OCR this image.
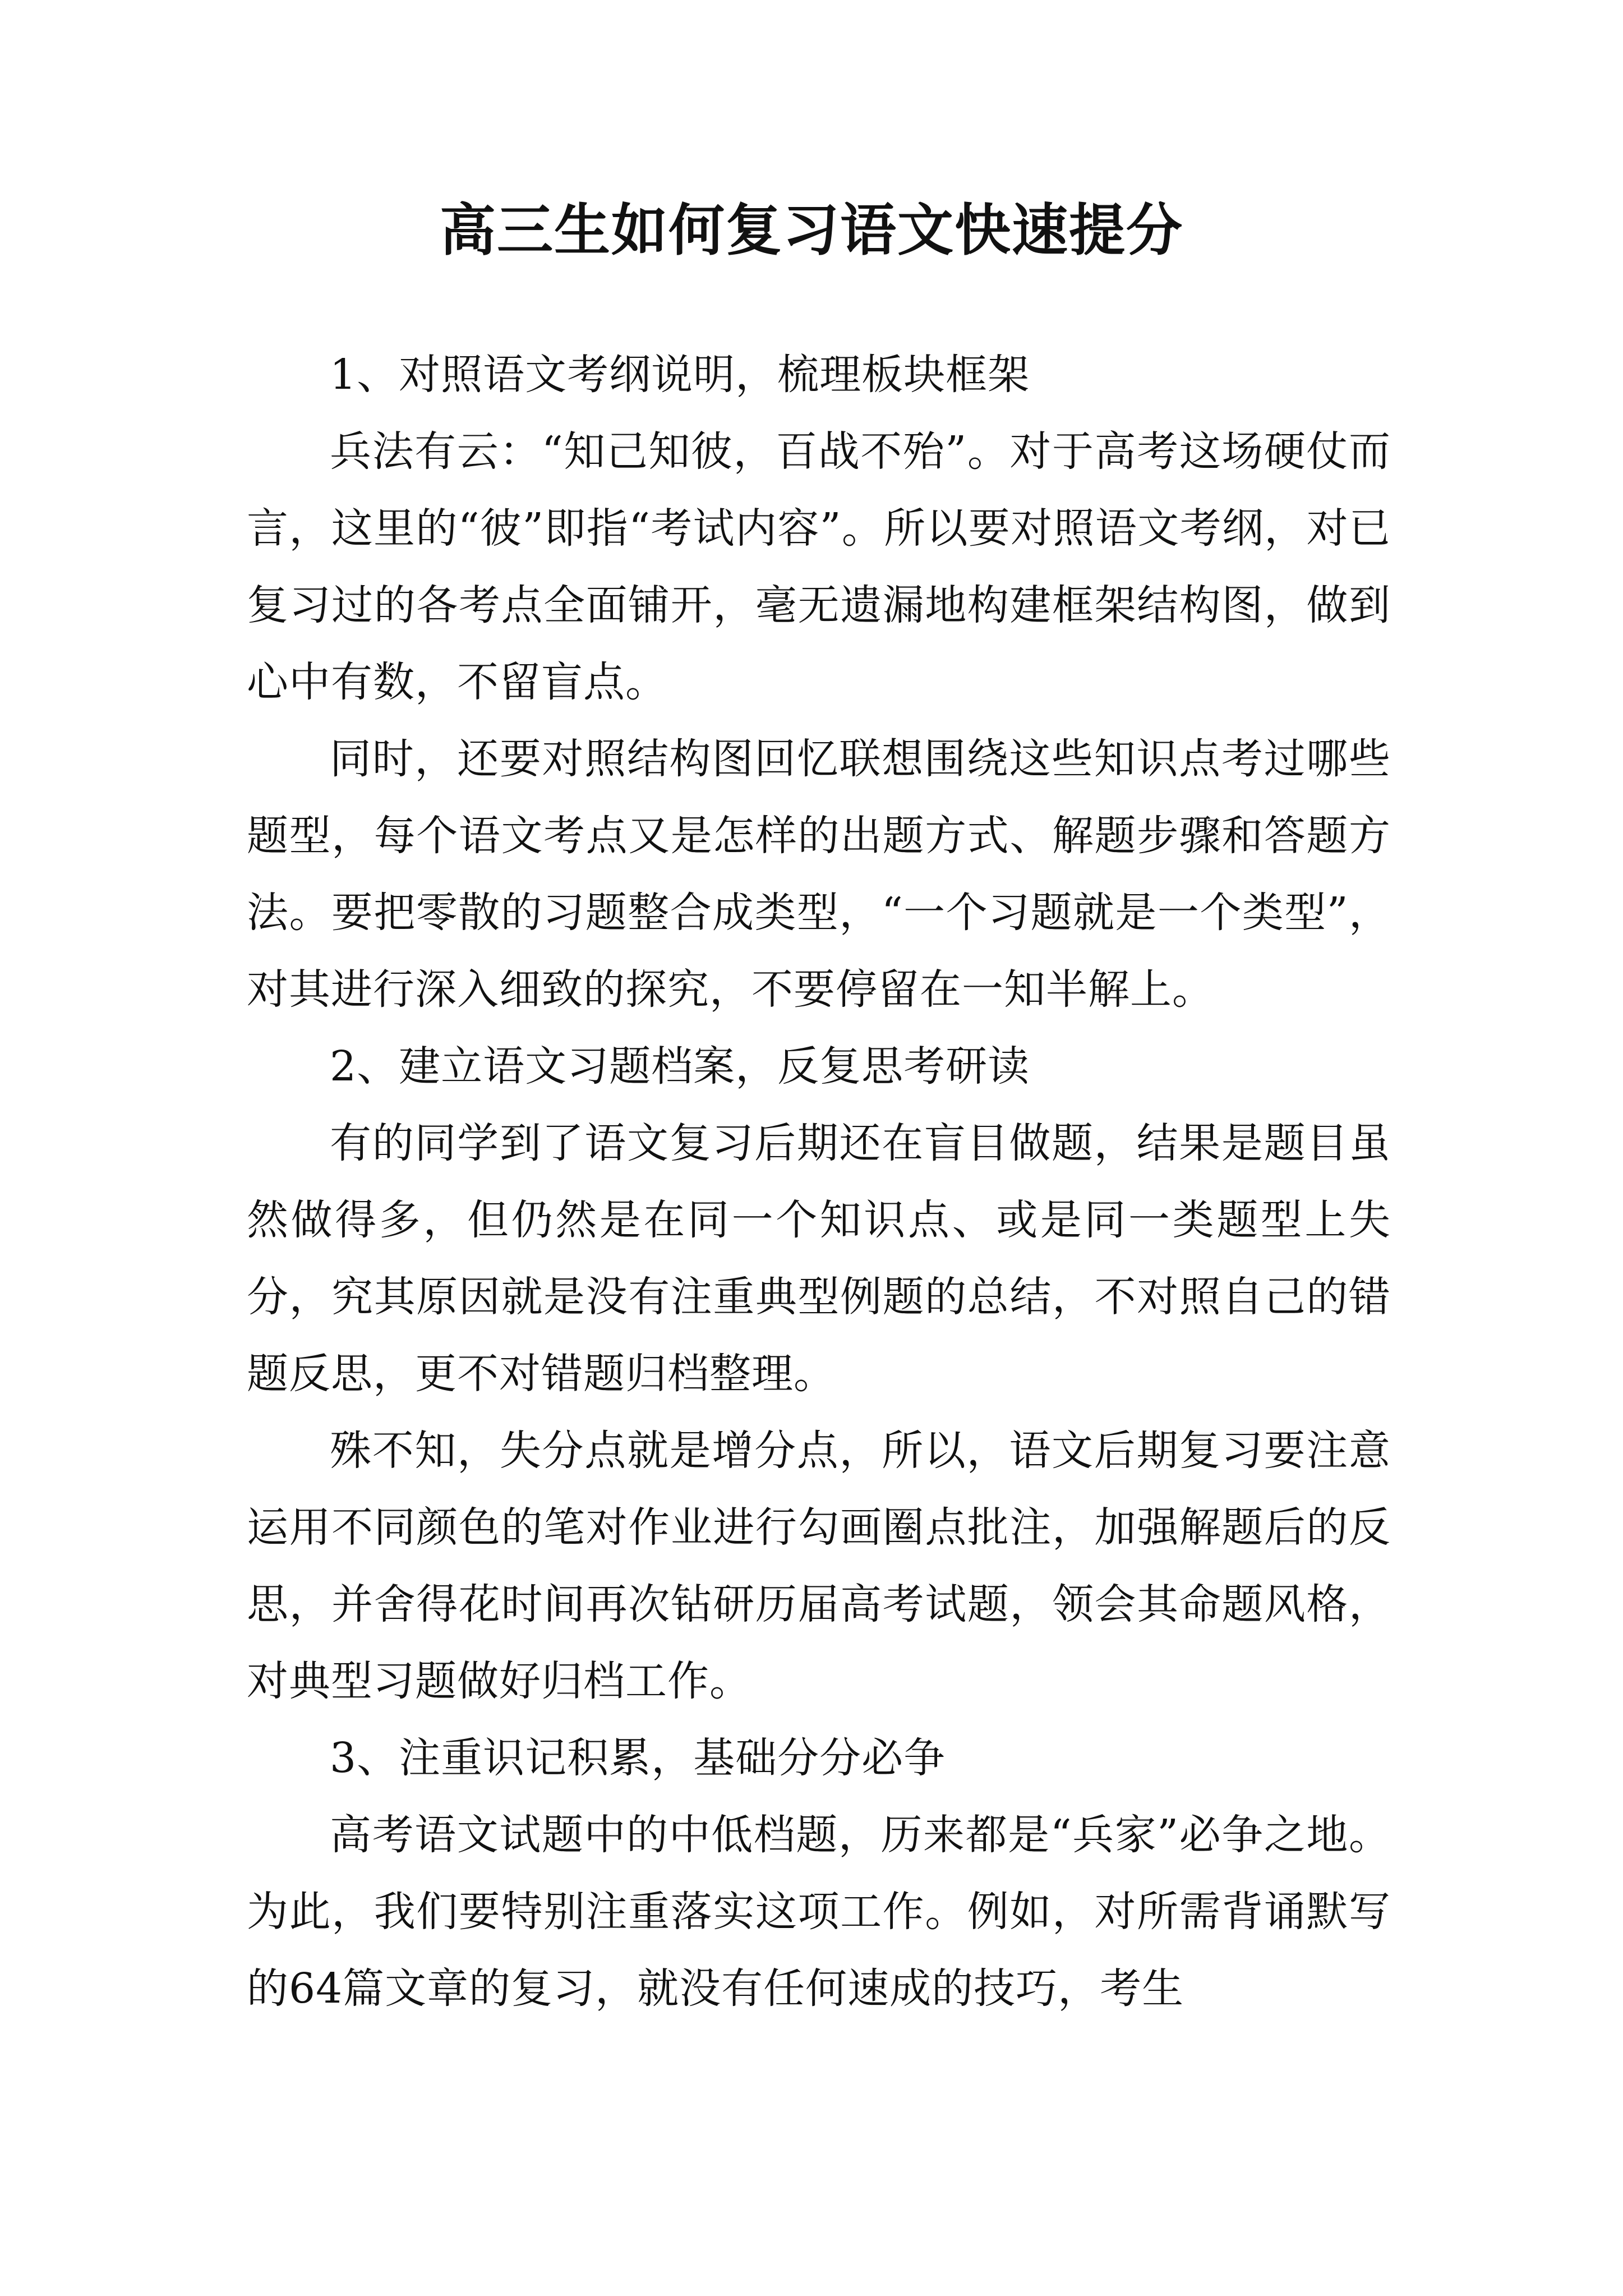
高三生如何复习语文快速提分

1、对照语文考纲说明，梳理板块框架

兵法有云：“知己知彼，百战不殆”。对于高考这场硬仗而言，这里的“彼”即指“考试内容”。所以要对照语文考纲，对已复习过的各考点全面铺开，毫无遗漏地构建框架结构图，做到心中有数，不留盲点。

同时，还要对照结构图回忆联想围绕这些知识点考过哪些题型，每个语文考点又是怎样的出题方式、解题步骤和答题方法。要把零散的习题整合成类型，“一个习题就是一个类型”，对其进行深入细致的探究，不要停留在一知半解上。

2、建立语文习题档案，反复思考研读

有的同学到了语文复习后期还在盲目做题，结果是题目虽然做得多，但仍然是在同一个知识点、或是同一类题型上失分，究其原因就是没有注重典型例题的总结，不对照自己的错题反思，更不对错题归档整理。

殊不知，失分点就是增分点，所以，语文后期复习要注意运用不同颜色的笔对作业进行勾画圈点批注，加强解题后的反思，并舍得花时间再次钻研历届高考试题，领会其命题风格，对典型习题做好归档工作。

3、注重识记积累，基础分分必争

高考语文试题中的中低档题，历来都是“兵家”必争之地。为此，我们要特别注重落实这项工作。例如，对所需背诵默写的64篇文章的复习，就没有任何速成的技巧，考生
